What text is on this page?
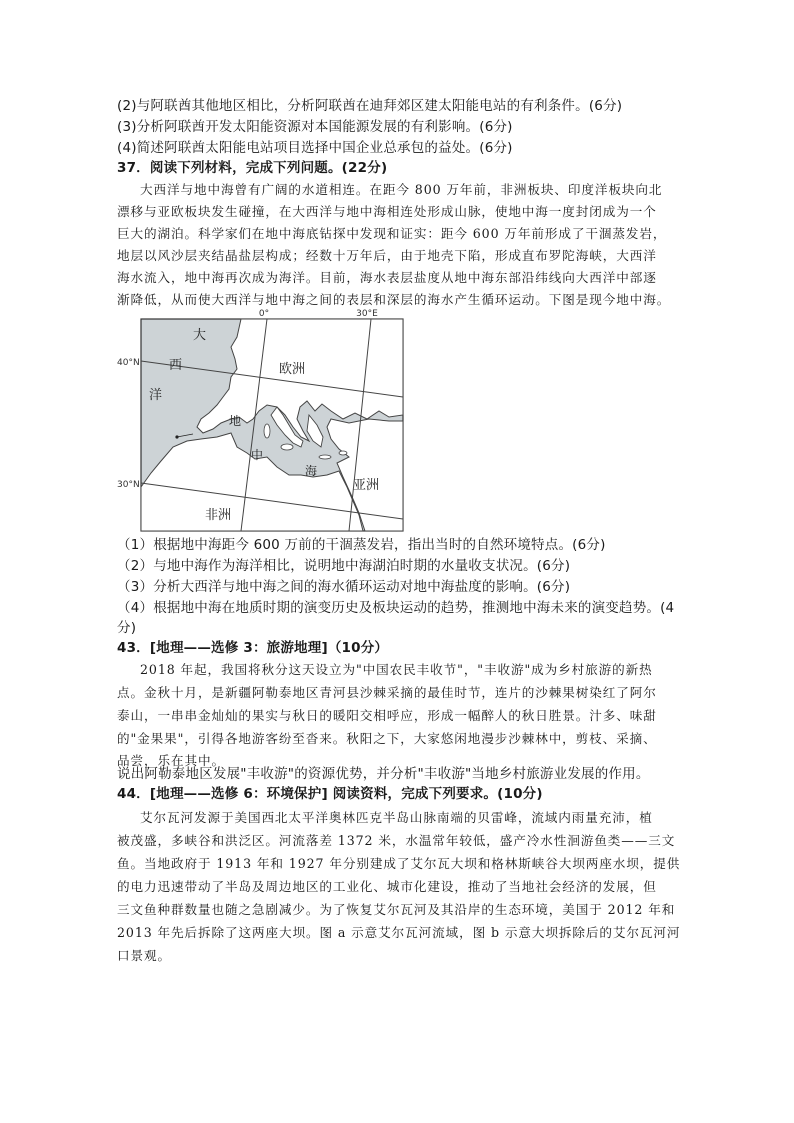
(2)与阿联酋其他地区相比，分析阿联酋在迪拜郊区建太阳能电站的有利条件。(6分)
(3)分析阿联酋开发太阳能资源对本国能源发展的有利影响。(6分)
(4)简述阿联酋太阳能电站项目选择中国企业总承包的益处。(6分)
37．阅读下列材料，完成下列问题。(22分)
大西洋与地中海曾有广阔的水道相连。在距今 800 万年前，非洲板块、印度洋板块向北
漂移与亚欧板块发生碰撞，在大西洋与地中海相连处形成山脉，使地中海一度封闭成为一个
巨大的湖泊。科学家们在地中海底钻探中发现和证实：距今 600 万年前形成了干涸蒸发岩，
地层以风沙层夹结晶盐层构成；经数十万年后，由于地壳下陷，形成直布罗陀海峡，大西洋
海水流入，地中海再次成为海洋。目前，海水表层盐度从地中海东部沿纬线向大西洋中部逐
渐降低，从而使大西洋与地中海之间的表层和深层的海水产生循环运动。下图是现今地中海。
0°	30°E
40°N
30°N
大
西
洋
欧洲
非洲
亚洲
地
中
海
（1）根据地中海距今 600 万前的干涸蒸发岩，指出当时的自然环境特点。(6分)
（2）与地中海作为海洋相比，说明地中海湖泊时期的水量收支状况。(6分)
（3）分析大西洋与地中海之间的海水循环运动对地中海盐度的影响。(6分)
（4）根据地中海在地质时期的演变历史及板块运动的趋势，推测地中海未来的演变趋势。(4
分)
43．[地理——选修 3：旅游地理]（10分）
2018 年起，我国将秋分这天设立为"中国农民丰收节"，"丰收游"成为乡村旅游的新热
点。金秋十月，是新疆阿勒泰地区青河县沙棘采摘的最佳时节，连片的沙棘果树染红了阿尔
泰山，一串串金灿灿的果实与秋日的暖阳交相呼应，形成一幅醉人的秋日胜景。汁多、味甜
的"金果果"，引得各地游客纷至沓来。秋阳之下，大家悠闲地漫步沙棘林中，剪枝、采摘、
品尝，乐在其中。
说出阿勒泰地区发展"丰收游"的资源优势，并分析"丰收游"当地乡村旅游业发展的作用。
44．[地理——选修 6：环境保护] 阅读资料，完成下列要求。(10分)
艾尔瓦河发源于美国西北太平洋奥林匹克半岛山脉南端的贝雷峰，流域内雨量充沛，植
被茂盛，多峡谷和洪泛区。河流落差 1372 米，水温常年较低，盛产冷水性洄游鱼类——三文
鱼。当地政府于 1913 年和 1927 年分别建成了艾尔瓦大坝和格林斯峡谷大坝两座水坝，提供
的电力迅速带动了半岛及周边地区的工业化、城市化建设，推动了当地社会经济的发展，但
三文鱼种群数量也随之急剧减少。为了恢复艾尔瓦河及其沿岸的生态环境，美国于 2012 年和
2013 年先后拆除了这两座大坝。图 a 示意艾尔瓦河流域，图 b 示意大坝拆除后的艾尔瓦河河
口景观。
